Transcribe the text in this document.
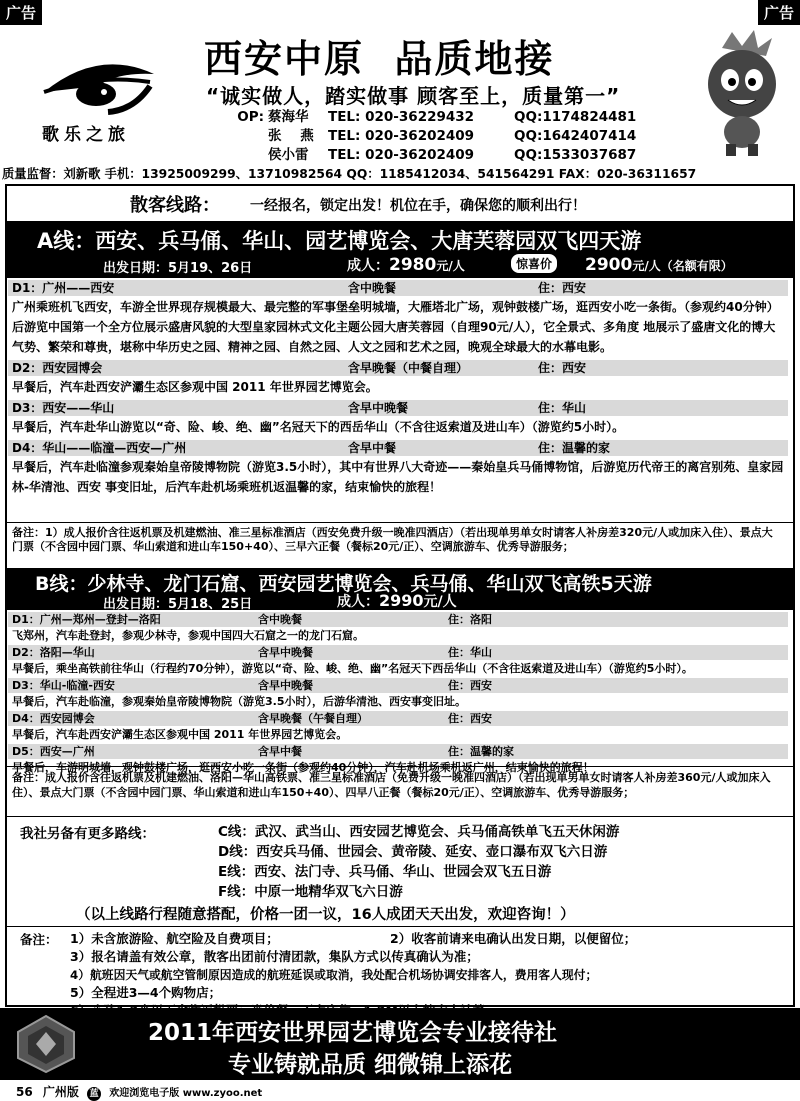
广告	广告
歌乐之旅
西安中原  品质地接
“诚实做人，踏实做事 顾客至上，质量第一”
OP: 蔡海华 TEL: 020-36229432	QQ:1174824481
张    燕 TEL: 020-36202409	QQ:1642407414
侯小雷 TEL: 020-36202409	QQ:1533037687
质量监督：刘新歌 手机：13925009299、13710982564 QQ：1185412034、541564291 FAX：020-36311657
散客线路： 一经报名，锁定出发！机位在手，确保您的顺利出行！
A线：西安、兵马俑、华山、园艺博览会、大唐芙蓉园双飞四天游
出发日期：5月19、26日	成人：2980元/人	惊喜价 2900元/人（名额有限）
D1：广州——西安	含中晚餐	住：西安
广州乘班机飞西安，车游全世界现存规模最大、最完整的军事堡垒明城墙，大雁塔北广场，观钟鼓楼广场，逛西安小吃一条街。（参观约40分钟）后游览中国第一个全方位展示盛唐风貌的大型皇家园林式文化主题公园大唐芙蓉园（自理90元/人），它全景式、多角度 地展示了盛唐文化的博大气势、繁荣和尊贵，堪称中华历史之园、精神之园、自然之园、人文之园和艺术之园，晚观全球最大的水幕电影。
D2：西安园博会	含早晚餐（中餐自理）	住：西安
早餐后，汽车赴西安浐灞生态区参观中国 2011 年世界园艺博览会。
D3：西安——华山	含早中晚餐	住：华山
早餐后，汽车赴华山游览以“奇、险、峻、绝、幽”名冠天下的西岳华山（不含往返索道及进山车）（游览约5小时）。
D4：华山——临潼—西安—广州	含早中餐	住：温馨的家
早餐后，汽车赴临潼参观秦始皇帝陵博物院（游览3.5小时），其中有世界八大奇迹——秦始皇兵马俑博物馆，后游览历代帝王的离宫别苑、皇家园林-华清池、西安 事变旧址，后汽车赴机场乘班机返温馨的家，结束愉快的旅程！
备注：1）成人报价含往返机票及机建燃油、准三星标准酒店（西安免费升级一晚准四酒店）（若出现单男单女时请客人补房差320元/人或加床入住）、景点大门票（不含园中园门票、华山索道和进山车150+40）、三早六正餐（餐标20元/正）、空调旅游车、优秀导游服务；
B线：少林寺、龙门石窟、西安园艺博览会、兵马俑、华山双飞高铁5天游
出发日期：5月18、25日	成人：2990元/人
D1：广州—郑州—登封—洛阳	含中晚餐	住：洛阳
飞郑州，汽车赴登封，参观少林寺，参观中国四大石窟之一的龙门石窟。
D2：洛阳—华山	含早中晚餐	住：华山
早餐后，乘坐高铁前往华山（行程约70分钟），游览以“奇、险、峻、绝、幽”名冠天下西岳华山（不含往返索道及进山车）（游览约5小时）。
D3：华山-临潼-西安	含早中晚餐	住：西安
早餐后，汽车赴临潼，参观秦始皇帝陵博物院（游览3.5小时），后游华清池、西安事变旧址。
D4：西安园博会	含早晚餐（午餐自理）	住：西安
早餐后，汽车赴西安浐灞生态区参观中国 2011 年世界园艺博览会。
D5：西安—广州	含早中餐	住：温馨的家
早餐后，车游明城墙，观钟鼓楼广场，逛西安小吃一条街（参观约40分钟），汽车赴机场乘机返广州，结束愉快的旅程！
备注：成人报价含往返机票及机建燃油、洛阳—华山高铁票、准三星标准酒店（免费升级一晚准四酒店）（若出现单男单女时请客人补房差360元/人或加床入住）、景点大门票（不含园中园门票、华山索道和进山车150+40）、四早八正餐（餐标20元/正）、空调旅游车、优秀导游服务；
我社另备有更多路线：	C线：武汉、武当山、西安园艺博览会、兵马俑高铁单飞五天休闲游
D线：西安兵马俑、世园会、黄帝陵、延安、壶口瀑布双飞六日游
E线：西安、法门寺、兵马俑、华山、世园会双飞五日游
F线：中原一地精华双飞六日游
（以上线路行程随意搭配，价格一团一议，16人成团天天出发，欢迎咨询！）
备注： 1）未含旅游险、航空险及自费项目；	2）收客前请来电确认出发日期，以便留位；
3）报名请盖有效公章，散客出团前付清团款，集队方式以传真确认为准；
4）航班因天气或航空管制原因造成的航班延误或取消，我处配合机场协调安排客人，费用客人现付；
5）全程进3—4个购物店；
2011年西安世界园艺博览会专业接待社
专业铸就品质 细微锦上添花
56 广州版 蓝 欢迎浏览电子版 www.zyoo.net
